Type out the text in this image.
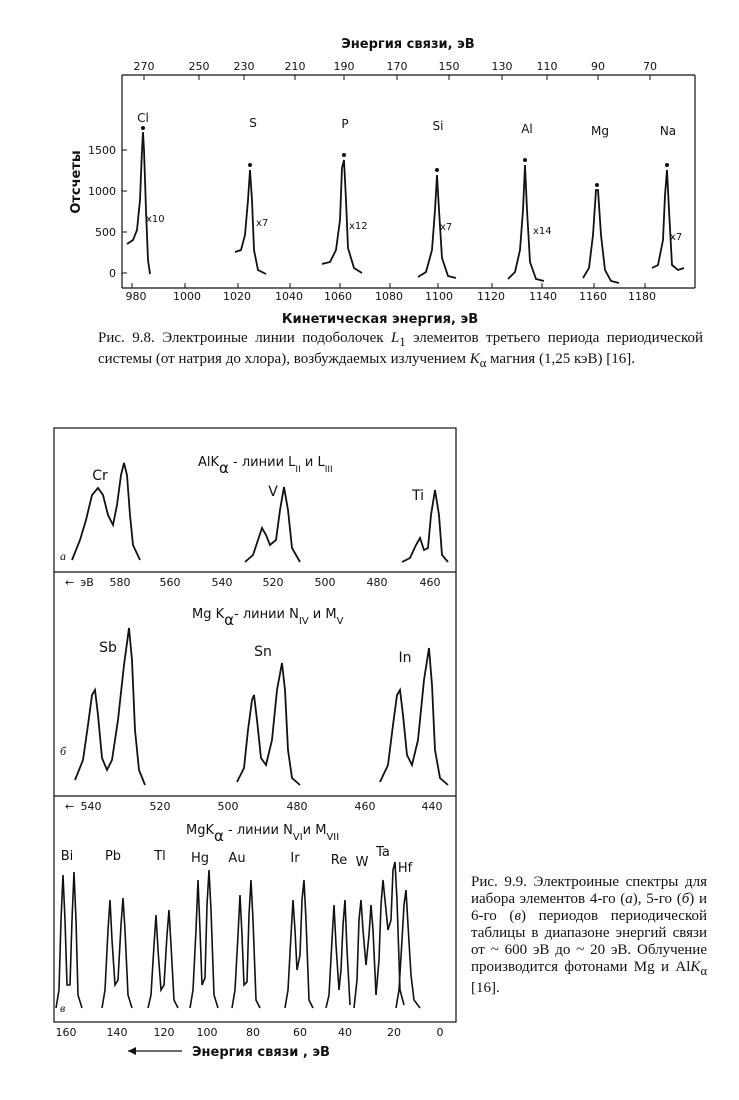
Энергия связи, эВ
270	250 230	210	190	170	150	130 110	90	70
1500
1000
500
0
Отсчеты
980 1000 1020 1040 1060 1080 1100 1120 1140 1160 1180
Кинетическая энергия, эВ
Cl	S	P	Si	Al	Mg	Na
x10	x7	x12	x7	x14
x7
AlKα - линии $L_{II}$ и $L_{III}$
а
Cr
V	Ti
← эВ 580	560	540	520	500	480	460
Mg Kα- линии $N_{IV}$ и $M_V$
б
Sb	Sn	In
← 540	520	500	480	460	440
MgKα - линии $N_{VI}и$ $M_{VII}$
в
Bi Pb	Tl Hg Au	Ir Re W
Ta
Hf
160	140 120 100	80	60	40	20	0
Энергия связи , эВ
Рис. 9.8. Электроиные линии подоболочек $L_1$ элемеитов третьего периода периодической системы (от натрия до хлора), возбуждаемых излучением $K_\alpha$ магния (1,25 кэВ) [16].
Рис. 9.9. Электроиные спектры для иабора элементов 4-го (а), 5-го (б) и 6-го (в) периодов периодической таблицы в диапазоне энергий связи от ~ 600 эВ до ~ 20 эВ. Облучение производится фотонами Mg и AlK$_\alpha$ [16].
